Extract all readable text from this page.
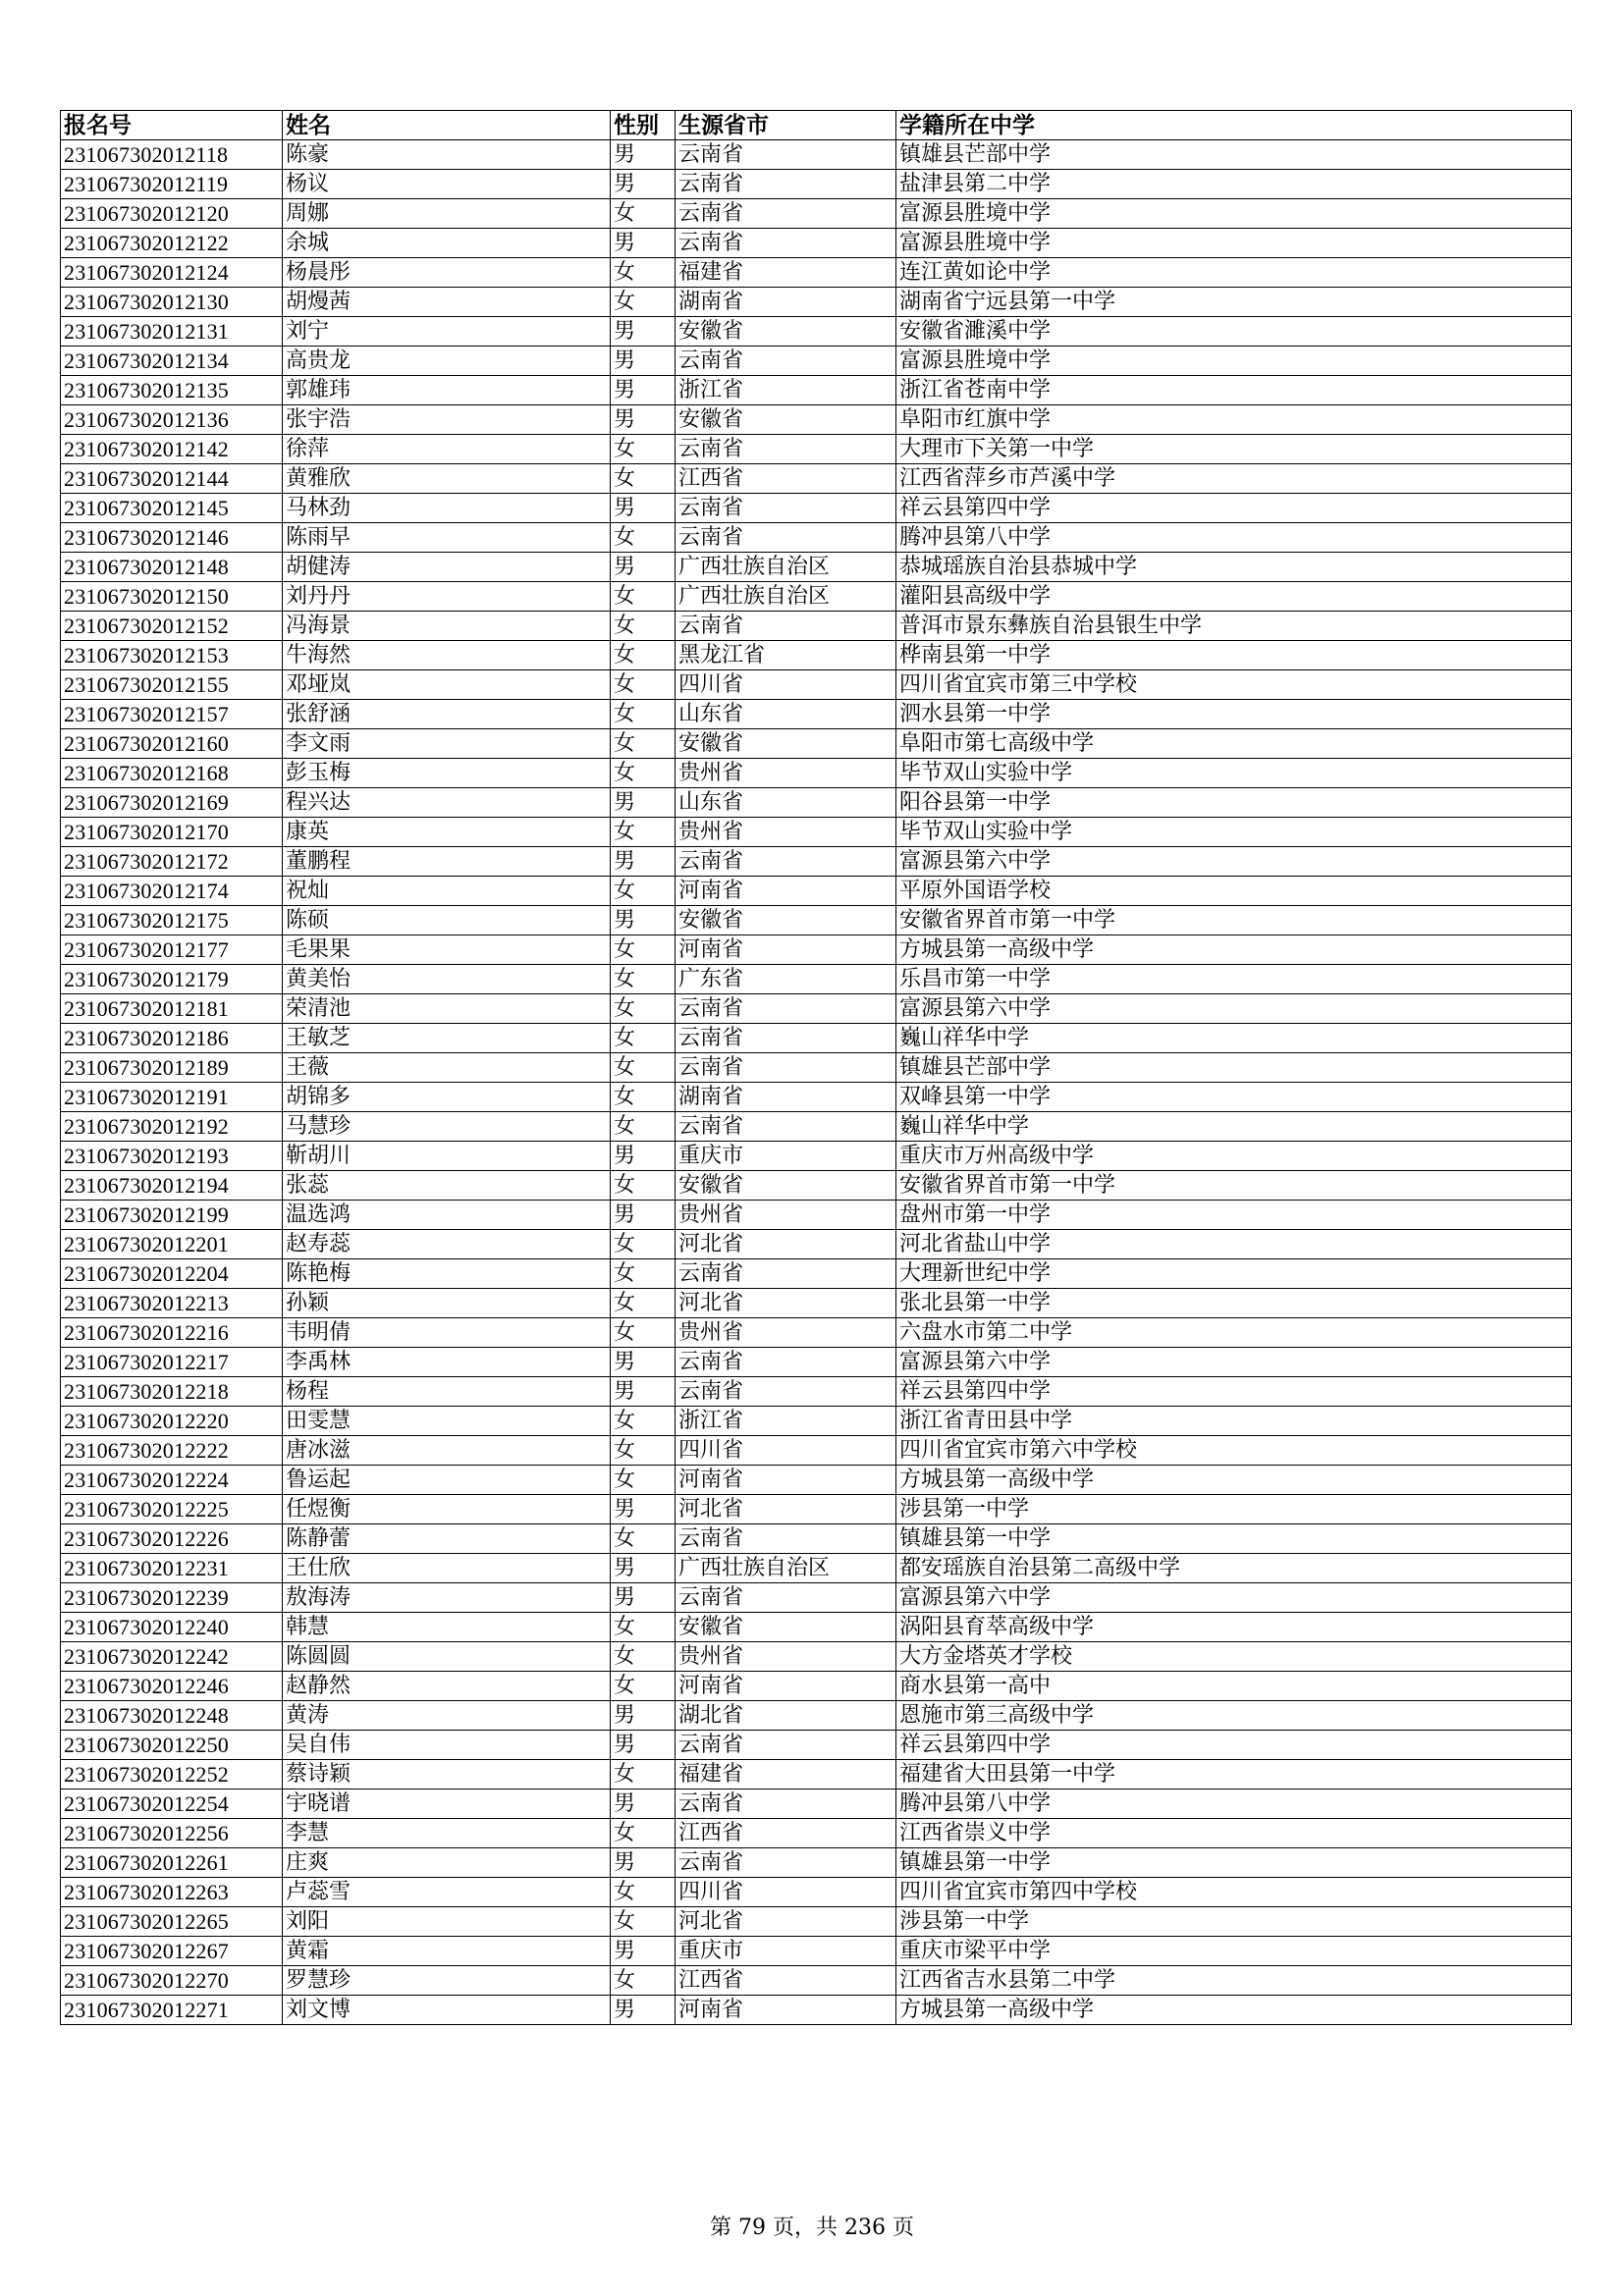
报名号	姓名	性别	生源省市	学籍所在中学
231067302012118	陈豪	男	云南省	镇雄县芒部中学
231067302012119	杨议	男	云南省	盐津县第二中学
231067302012120	周娜	女	云南省	富源县胜境中学
231067302012122	余城	男	云南省	富源县胜境中学
231067302012124	杨晨彤	女	福建省	连江黄如论中学
231067302012130	胡熳茜	女	湖南省	湖南省宁远县第一中学
231067302012131	刘宁	男	安徽省	安徽省濉溪中学
231067302012134	高贵龙	男	云南省	富源县胜境中学
231067302012135	郭雄玮	男	浙江省	浙江省苍南中学
231067302012136	张宇浩	男	安徽省	阜阳市红旗中学
231067302012142	徐萍	女	云南省	大理市下关第一中学
231067302012144	黄雅欣	女	江西省	江西省萍乡市芦溪中学
231067302012145	马林劲	男	云南省	祥云县第四中学
231067302012146	陈雨早	女	云南省	腾冲县第八中学
231067302012148	胡健涛	男	广西壮族自治区	恭城瑶族自治县恭城中学
231067302012150	刘丹丹	女	广西壮族自治区	灌阳县高级中学
231067302012152	冯海景	女	云南省	普洱市景东彝族自治县银生中学
231067302012153	牛海然	女	黑龙江省	桦南县第一中学
231067302012155	邓垭岚	女	四川省	四川省宜宾市第三中学校
231067302012157	张舒涵	女	山东省	泗水县第一中学
231067302012160	李文雨	女	安徽省	阜阳市第七高级中学
231067302012168	彭玉梅	女	贵州省	毕节双山实验中学
231067302012169	程兴达	男	山东省	阳谷县第一中学
231067302012170	康英	女	贵州省	毕节双山实验中学
231067302012172	董鹏程	男	云南省	富源县第六中学
231067302012174	祝灿	女	河南省	平原外国语学校
231067302012175	陈硕	男	安徽省	安徽省界首市第一中学
231067302012177	毛果果	女	河南省	方城县第一高级中学
231067302012179	黄美怡	女	广东省	乐昌市第一中学
231067302012181	荣清池	女	云南省	富源县第六中学
231067302012186	王敏芝	女	云南省	巍山祥华中学
231067302012189	王薇	女	云南省	镇雄县芒部中学
231067302012191	胡锦多	女	湖南省	双峰县第一中学
231067302012192	马慧珍	女	云南省	巍山祥华中学
231067302012193	靳胡川	男	重庆市	重庆市万州高级中学
231067302012194	张蕊	女	安徽省	安徽省界首市第一中学
231067302012199	温选鸿	男	贵州省	盘州市第一中学
231067302012201	赵寿蕊	女	河北省	河北省盐山中学
231067302012204	陈艳梅	女	云南省	大理新世纪中学
231067302012213	孙颖	女	河北省	张北县第一中学
231067302012216	韦明倩	女	贵州省	六盘水市第二中学
231067302012217	李禹林	男	云南省	富源县第六中学
231067302012218	杨程	男	云南省	祥云县第四中学
231067302012220	田雯慧	女	浙江省	浙江省青田县中学
231067302012222	唐冰滋	女	四川省	四川省宜宾市第六中学校
231067302012224	鲁运起	女	河南省	方城县第一高级中学
231067302012225	任煜衡	男	河北省	涉县第一中学
231067302012226	陈静蕾	女	云南省	镇雄县第一中学
231067302012231	王仕欣	男	广西壮族自治区	都安瑶族自治县第二高级中学
231067302012239	敖海涛	男	云南省	富源县第六中学
231067302012240	韩慧	女	安徽省	涡阳县育萃高级中学
231067302012242	陈圆圆	女	贵州省	大方金塔英才学校
231067302012246	赵静然	女	河南省	商水县第一高中
231067302012248	黄涛	男	湖北省	恩施市第三高级中学
231067302012250	吴自伟	男	云南省	祥云县第四中学
231067302012252	蔡诗颖	女	福建省	福建省大田县第一中学
231067302012254	宇晓谱	男	云南省	腾冲县第八中学
231067302012256	李慧	女	江西省	江西省崇义中学
231067302012261	庄爽	男	云南省	镇雄县第一中学
231067302012263	卢蕊雪	女	四川省	四川省宜宾市第四中学校
231067302012265	刘阳	女	河北省	涉县第一中学
231067302012267	黄霜	男	重庆市	重庆市梁平中学
231067302012270	罗慧珍	女	江西省	江西省吉水县第二中学
231067302012271	刘文博	男	河南省	方城县第一高级中学
第 79 页，共 236 页
